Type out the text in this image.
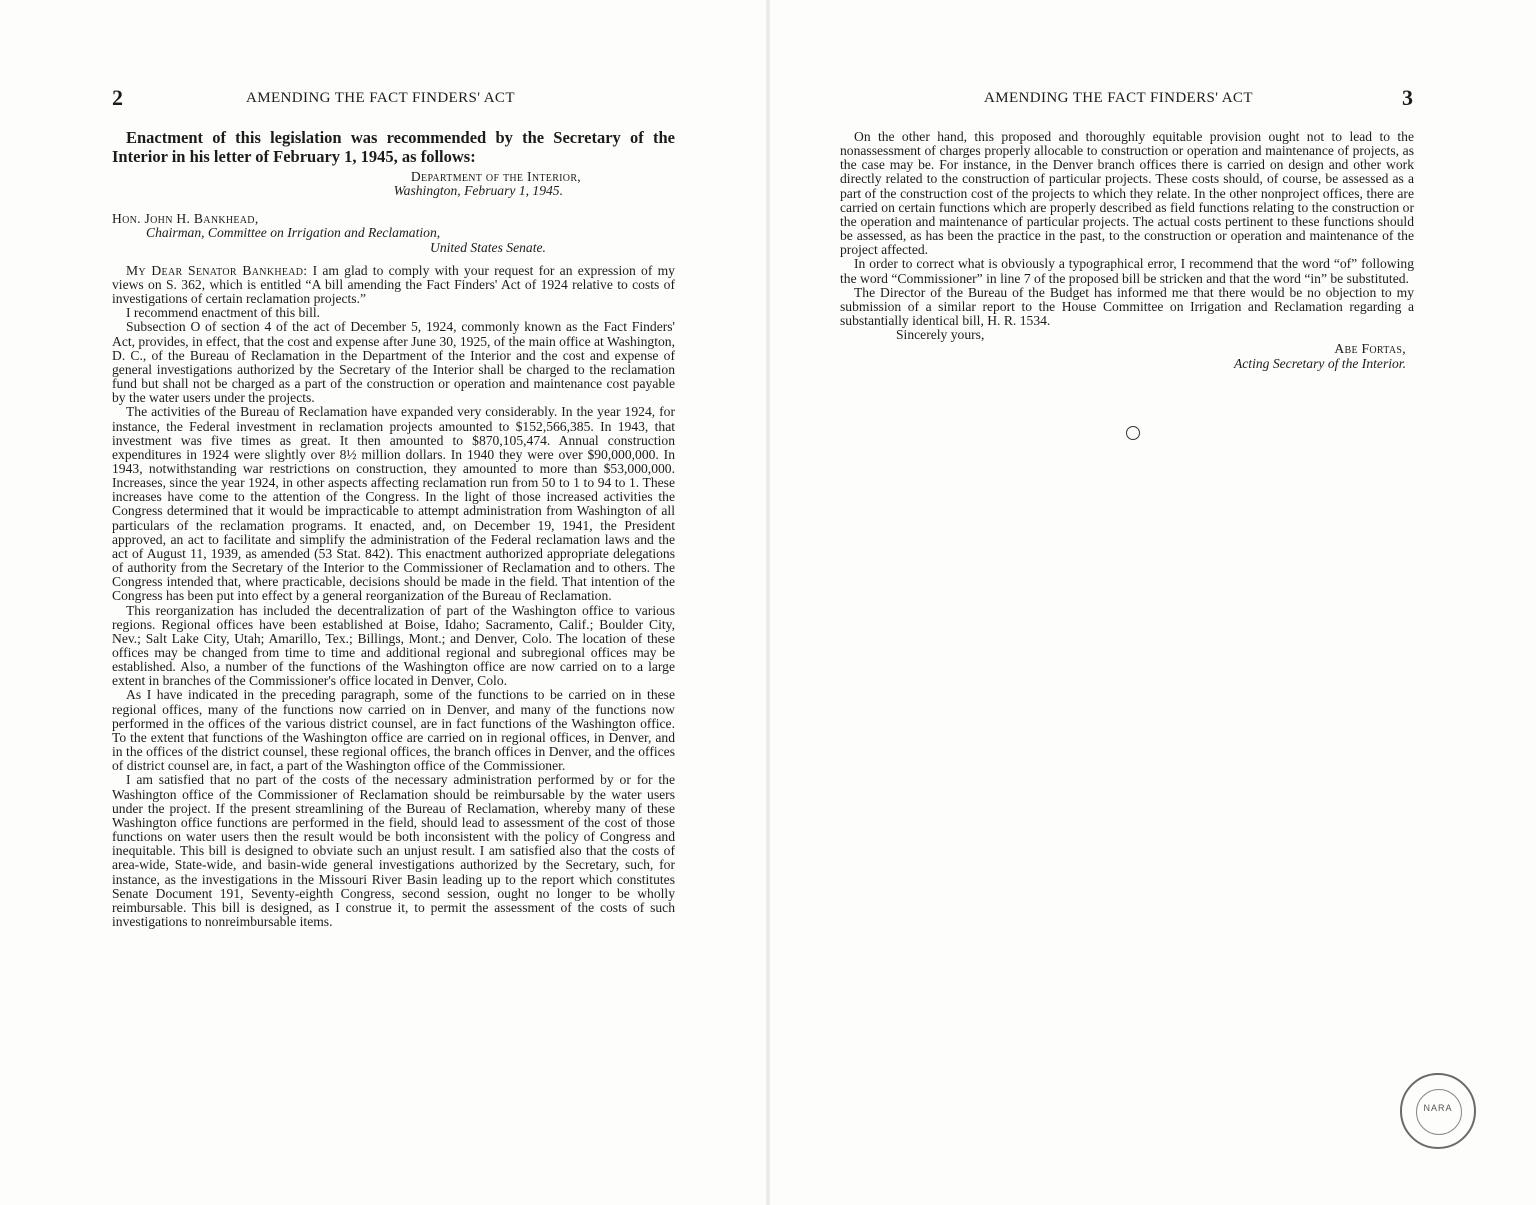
2	AMENDING THE FACT FINDERS' ACT

Enactment of this legislation was recommended by the Secretary of the Interior in his letter of February 1, 1945, as follows:

Department of the Interior,

Washington, February 1, 1945.

Hon. John H. Bankhead,

Chairman, Committee on Irrigation and Reclamation,

United States Senate.

My Dear Senator Bankhead: I am glad to comply with your request for an expression of my views on S. 362, which is entitled “A bill amending the Fact Finders' Act of 1924 relative to costs of investigations of certain reclamation projects.”

I recommend enactment of this bill.

Subsection O of section 4 of the act of December 5, 1924, commonly known as the Fact Finders' Act, provides, in effect, that the cost and expense after June 30, 1925, of the main office at Washington, D. C., of the Bureau of Reclamation in the Department of the Interior and the cost and expense of general investigations authorized by the Secretary of the Interior shall be charged to the reclamation fund but shall not be charged as a part of the construction or operation and maintenance cost payable by the water users under the projects.

The activities of the Bureau of Reclamation have expanded very considerably. In the year 1924, for instance, the Federal investment in reclamation projects amounted to $152,566,385. In 1943, that investment was five times as great. It then amounted to $870,105,474. Annual construction expenditures in 1924 were slightly over 8½ million dollars. In 1940 they were over $90,000,000. In 1943, notwithstanding war restrictions on construction, they amounted to more than $53,000,000. Increases, since the year 1924, in other aspects affecting reclamation run from 50 to 1 to 94 to 1. These increases have come to the attention of the Congress. In the light of those increased activities the Congress determined that it would be impracticable to attempt administration from Washington of all particulars of the reclamation programs. It enacted, and, on December 19, 1941, the President approved, an act to facilitate and simplify the administration of the Federal reclamation laws and the act of August 11, 1939, as amended (53 Stat. 842). This enactment authorized appropriate delegations of authority from the Secretary of the Interior to the Commissioner of Reclamation and to others. The Congress intended that, where practicable, decisions should be made in the field. That intention of the Congress has been put into effect by a general reorganization of the Bureau of Reclamation.

This reorganization has included the decentralization of part of the Washington office to various regions. Regional offices have been established at Boise, Idaho; Sacramento, Calif.; Boulder City, Nev.; Salt Lake City, Utah; Amarillo, Tex.; Billings, Mont.; and Denver, Colo. The location of these offices may be changed from time to time and additional regional and subregional offices may be established. Also, a number of the functions of the Washington office are now carried on to a large extent in branches of the Commissioner's office located in Denver, Colo.

As I have indicated in the preceding paragraph, some of the functions to be carried on in these regional offices, many of the functions now carried on in Denver, and many of the functions now performed in the offices of the various district counsel, are in fact functions of the Washington office. To the extent that functions of the Washington office are carried on in regional offices, in Denver, and in the offices of the district counsel, these regional offices, the branch offices in Denver, and the offices of district counsel are, in fact, a part of the Washington office of the Commissioner.

I am satisfied that no part of the costs of the necessary administration performed by or for the Washington office of the Commissioner of Reclamation should be reimbursable by the water users under the project. If the present streamlining of the Bureau of Reclamation, whereby many of these Washington office functions are performed in the field, should lead to assessment of the cost of those functions on water users then the result would be both inconsistent with the policy of Congress and inequitable. This bill is designed to obviate such an unjust result. I am satisfied also that the costs of area-wide, State-wide, and basin-wide general investigations authorized by the Secretary, such, for instance, as the investigations in the Missouri River Basin leading up to the report which constitutes Senate Document 191, Seventy-eighth Congress, second session, ought no longer to be wholly reimbursable. This bill is designed, as I construe it, to permit the assessment of the costs of such investigations to nonreimbursable items.

AMENDING THE FACT FINDERS' ACT	3

On the other hand, this proposed and thoroughly equitable provision ought not to lead to the nonassessment of charges properly allocable to construction or operation and maintenance of projects, as the case may be. For instance, in the Denver branch offices there is carried on design and other work directly related to the construction of particular projects. These costs should, of course, be assessed as a part of the construction cost of the projects to which they relate. In the other nonproject offices, there are carried on certain functions which are properly described as field functions relating to the construction or the operation and maintenance of particular projects. The actual costs pertinent to these functions should be assessed, as has been the practice in the past, to the construction or operation and maintenance of the project affected.

In order to correct what is obviously a typographical error, I recommend that the word “of” following the word “Commissioner” in line 7 of the proposed bill be stricken and that the word “in” be substituted.

The Director of the Bureau of the Budget has informed me that there would be no objection to my submission of a similar report to the House Committee on Irrigation and Reclamation regarding a substantially identical bill, H. R. 1534.

Sincerely yours,

Abe Fortas,

Acting Secretary of the Interior.

NARA
